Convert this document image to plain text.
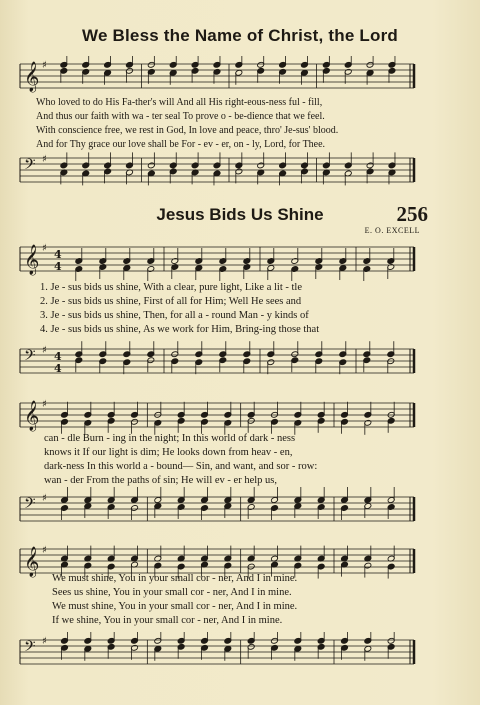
We Bless the Name of Christ, the Lord
𝄞 ♯
Who loved to do His Fa-ther's will And all His right-eous-ness ful - fill,
And thus our faith with wa - ter seal To prove o - be-dience that we feel.
With conscience free, we rest in God, In love and peace, thro' Je-sus' blood.
And for Thy grace our love shall be For - ev - er, on - ly, Lord, for Thee.
𝄢 ♯
Jesus Bids Us Shine	256
E. O. EXCELL
𝄞 ♯ 4
4
1. Je - sus bids us shine, With a clear, pure light, Like a lit - tle
2. Je - sus bids us shine, First of all for Him; Well He sees and
3. Je - sus bids us shine, Then, for all a - round Man - y kinds of
4. Je - sus bids us shine, As we work for Him, Bring-ing those that
𝄢 ♯ 4
4
𝄞 ♯
can - dle Burn - ing in the night; In this world of dark - ness
knows it If our light is dim; He looks down from heav - en,
dark-ness In this world a - bound— Sin, and want, and sor - row:
wan - der From the paths of sin; He will ev - er help us,
𝄢 ♯
𝄞 ♯
We must shine, You in your small cor - ner, And I in mine.
Sees us shine, You in your small cor - ner, And I in mine.
We must shine, You in your small cor - ner, And I in mine.
If we shine, You in your small cor - ner, And I in mine.
𝄢 ♯
